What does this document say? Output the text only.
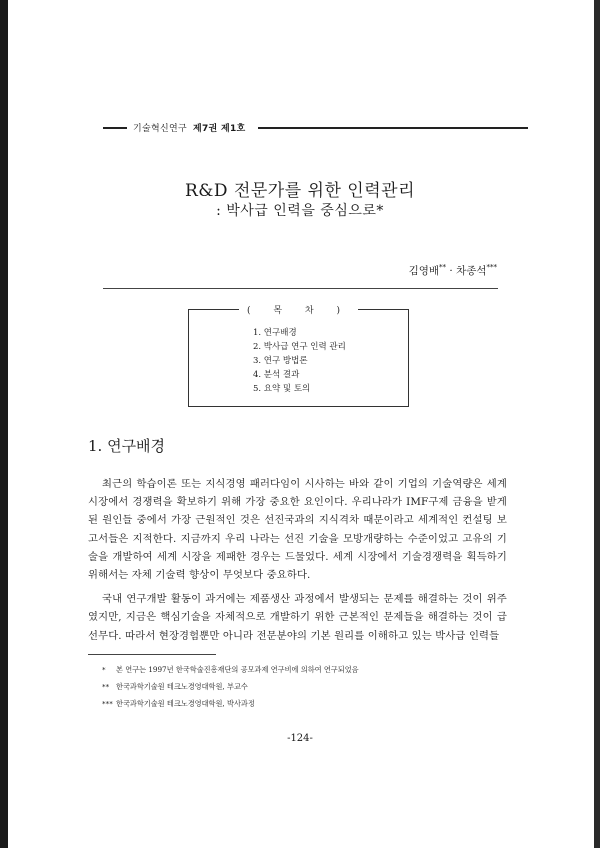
기술혁신연구 제7권 제1호
R&D 전문가를 위한 인력관리
: 박사급 인력을 중심으로*
김영배** · 차종석***
( 목 차 )
1. 연구배경
2. 박사급 연구 인력 관리
3. 연구 방법론
4. 분석 결과
5. 요약 및 토의
1. 연구배경

최근의 학습이론 또는 지식경영 패러다임이 시사하는 바와 같이 기업의 기술역량은 세계 시장에서 경쟁력을 확보하기 위해 가장 중요한 요인이다. 우리나라가 IMF구제 금융을 받게 된 원인들 중에서 가장 근원적인 것은 선진국과의 지식격차 때문이라고 세계적인 컨설팅 보고서들은 지적한다. 지금까지 우리 나라는 선진 기술을 모방개량하는 수준이었고 고유의 기술을 개발하여 세계 시장을 제패한 경우는 드물었다. 세계 시장에서 기술경쟁력을 획득하기 위해서는 자체 기술력 향상이 무엇보다 중요하다.

국내 연구개발 활동이 과거에는 제품생산 과정에서 발생되는 문제를 해결하는 것이 위주였지만, 지금은 핵심기술을 자체적으로 개발하기 위한 근본적인 문제들을 해결하는 것이 급선무다. 따라서 현장경험뿐만 아니라 전문분야의 기본 원리를 이해하고 있는 박사급 인력들

* 본 연구는 1997년 한국학술진흥재단의 공모과제 연구비에 의하여 연구되었음
** 한국과학기술원 테크노경영대학원, 부교수
*** 한국과학기술원 테크노경영대학원, 박사과정
-124-
